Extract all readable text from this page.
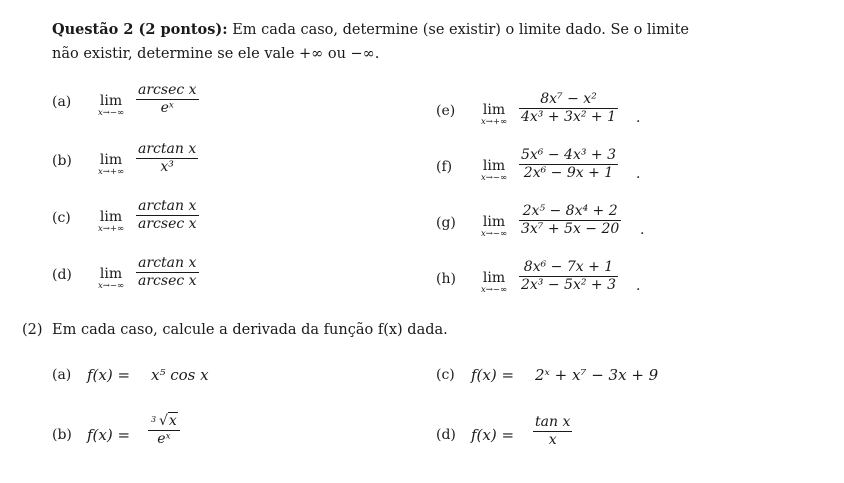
Questão 2 (2 pontos): Em cada caso, determine (se existir) o limite dado. Se o limite
não existir, determine se ele vale +∞ ou −∞.
(a)	lim
x→−∞
arcsec x
eˣ
(b)	lim
x→+∞
arctan x
x³
(c)	lim
x→+∞
arctan x
arcsec x
(d)	lim
x→−∞
arctan x
arcsec x
(e)	lim
x→+∞
8x⁷ − x²
4x³ + 3x² + 1 .
(f)	lim
x→−∞
5x⁶ − 4x³ + 3
2x⁶ − 9x + 1 .
(g)	lim
x→−∞
2x⁵ − 8x⁴ + 2
3x⁷ + 5x − 20 .
(h)	lim
x→−∞
8x⁶ − 7x + 1
2x³ − 5x² + 3 .
(2) Em cada caso, calcule a derivada da função f(x) dada.
(a) f(x) = x⁵ cos x	(c) f(x) = 2ˣ + x⁷ − 3x + 9
(b) f(x) =
3 √x
eˣ	(d) f(x) =
tan x
x
